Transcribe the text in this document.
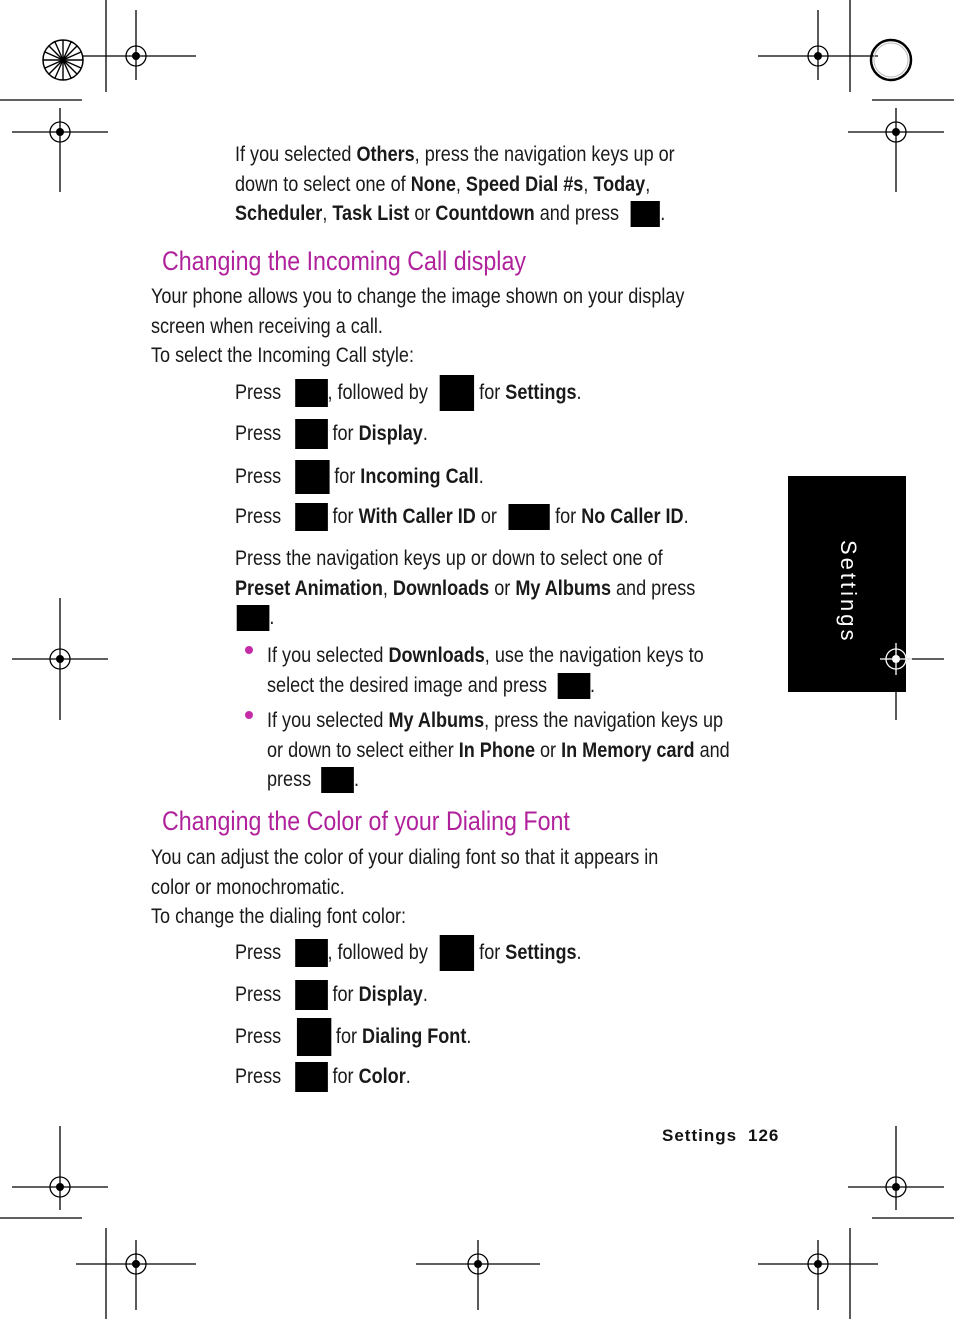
Settings
If you selected Others, press the navigation keys up or
down to select one of None, Speed Dial #s, Today,
Scheduler, Task List or Countdown and press .
Changing the Incoming Call display
Your phone allows you to change the image shown on your display
screen when receiving a call.
To select the Incoming Call style:
Press , followed by  for Settings.
Press  for Display.
Press  for Incoming Call.
Press  for With Caller ID or  for No Caller ID.
Press the navigation keys up or down to select one of
Preset Animation, Downloads or My Albums and press
.
If you selected Downloads, use the navigation keys to
select the desired image and press .
If you selected My Albums, press the navigation keys up
or down to select either In Phone or In Memory card and
press .
Changing the Color of your Dialing Font
You can adjust the color of your dialing font so that it appears in
color or monochromatic.
To change the dialing font color:
Press , followed by  for Settings.
Press  for Display.
Press  for Dialing Font.
Press  for Color.
Settings 126
